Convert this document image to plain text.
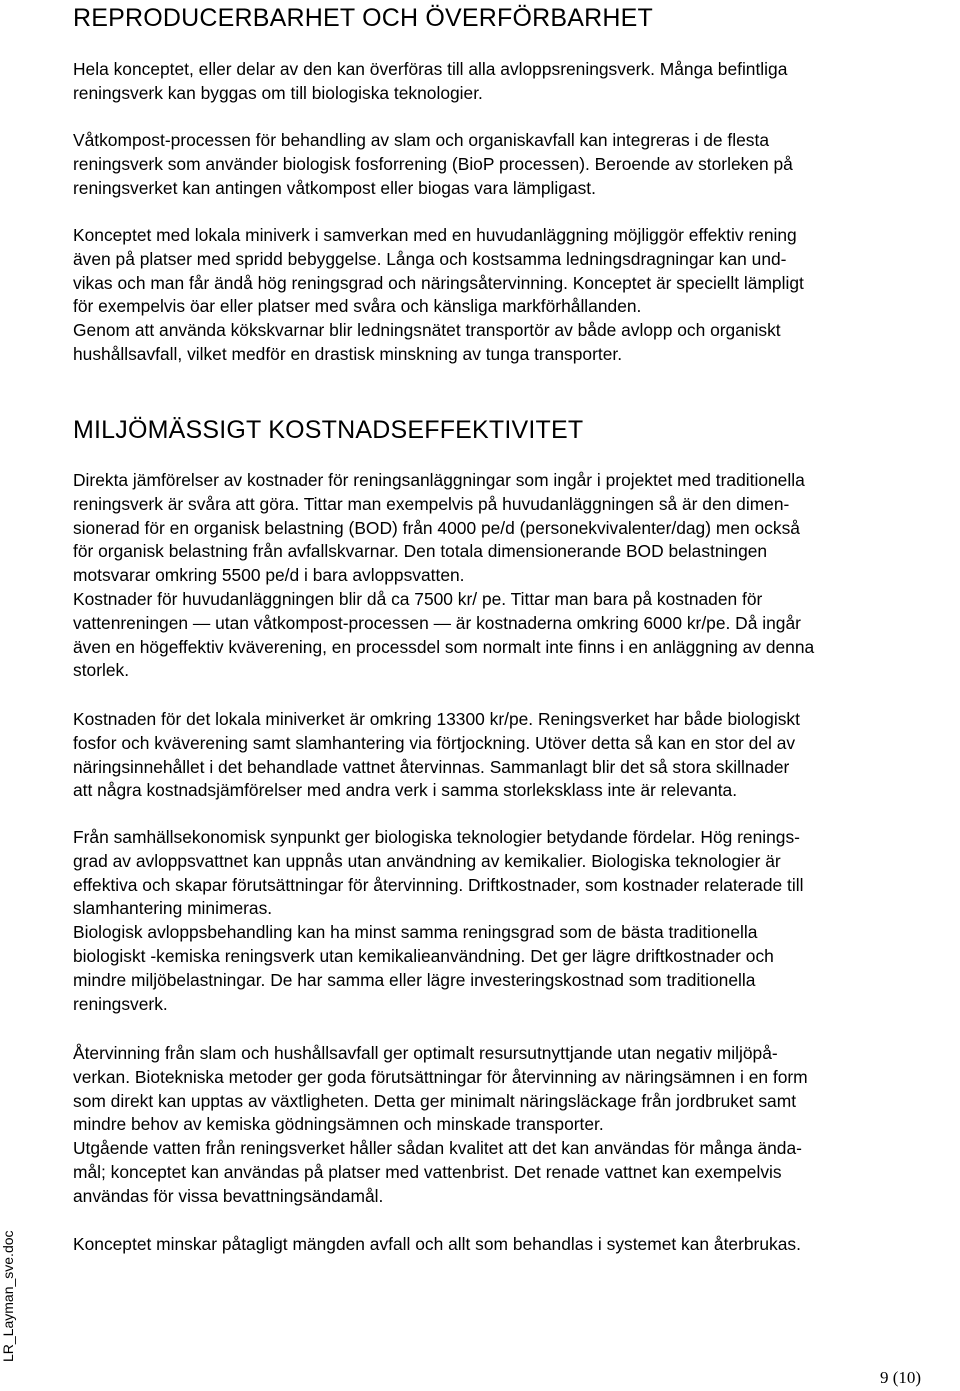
REPRODUCERBARHET OCH ÖVERFÖRBARHET
Hela konceptet, eller delar av den kan överföras till alla avloppsreningsverk. Många befintliga
reningsverk kan byggas om till biologiska teknologier.
Våtkompost-processen för behandling av slam och organiskavfall kan integreras i de flesta
reningsverk som använder biologisk fosforrening (BioP processen). Beroende av storleken på
reningsverket kan antingen våtkompost eller biogas vara lämpligast.
Konceptet med lokala miniverk i samverkan med en huvudanläggning möjliggör effektiv rening
även på platser med spridd bebyggelse. Långa och kostsamma ledningsdragningar kan und-
vikas och man får ändå hög reningsgrad och näringsåtervinning. Konceptet är speciellt lämpligt
för exempelvis öar eller platser med svåra och känsliga markförhållanden.
Genom att använda kökskvarnar blir ledningsnätet transportör av både avlopp och organiskt
hushållsavfall, vilket medför en drastisk minskning av tunga transporter.
MILJÖMÄSSIGT KOSTNADSEFFEKTIVITET
Direkta jämförelser av kostnader för reningsanläggningar som ingår i projektet med traditionella
reningsverk är svåra att göra. Tittar man exempelvis på huvudanläggningen så är den dimen-
sionerad för en organisk belastning (BOD) från 4000 pe/d (personekvivalenter/dag) men också
för organisk belastning från avfallskvarnar. Den totala dimensionerande BOD belastningen
motsvarar omkring 5500 pe/d i bara avloppsvatten.
Kostnader för huvudanläggningen blir då ca 7500 kr/ pe. Tittar man bara på kostnaden för
vattenreningen — utan våtkompost-processen — är kostnaderna omkring 6000 kr/pe. Då ingår
även en högeffektiv kväverening, en processdel som normalt inte finns i en anläggning av denna
storlek.
Kostnaden för det lokala miniverket är omkring 13300 kr/pe. Reningsverket har både biologiskt
fosfor och kväverening samt slamhantering via förtjockning. Utöver detta så kan en stor del av
näringsinnehållet i det behandlade vattnet återvinnas. Sammanlagt blir det så stora skillnader
att några kostnadsjämförelser med andra verk i samma storleksklass inte är relevanta.
Från samhällsekonomisk synpunkt ger biologiska teknologier betydande fördelar. Hög renings-
grad av avloppsvattnet kan uppnås utan användning av kemikalier. Biologiska teknologier är
effektiva och skapar förutsättningar för återvinning. Driftkostnader, som kostnader relaterade till
slamhantering minimeras.
Biologisk avloppsbehandling kan ha minst samma reningsgrad som de bästa traditionella
biologiskt -kemiska reningsverk utan kemikalieanvändning. Det ger lägre driftkostnader och
mindre miljöbelastningar. De har samma eller lägre investeringskostnad som traditionella
reningsverk.
Återvinning från slam och hushållsavfall ger optimalt resursutnyttjande utan negativ miljöpå-
verkan. Biotekniska metoder ger goda förutsättningar för återvinning av näringsämnen i en form
som direkt kan upptas av växtligheten. Detta ger minimalt näringsläckage från jordbruket samt
mindre behov av kemiska gödningsämnen och minskade transporter.
Utgående vatten från reningsverket håller sådan kvalitet att det kan användas för många ända-
mål; konceptet kan användas på platser med vattenbrist. Det renade vattnet kan exempelvis
användas för vissa bevattningsändamål.
Konceptet minskar påtagligt mängden avfall och allt som behandlas i systemet kan återbrukas.
LR_Layman_sve.doc

9 (10)
